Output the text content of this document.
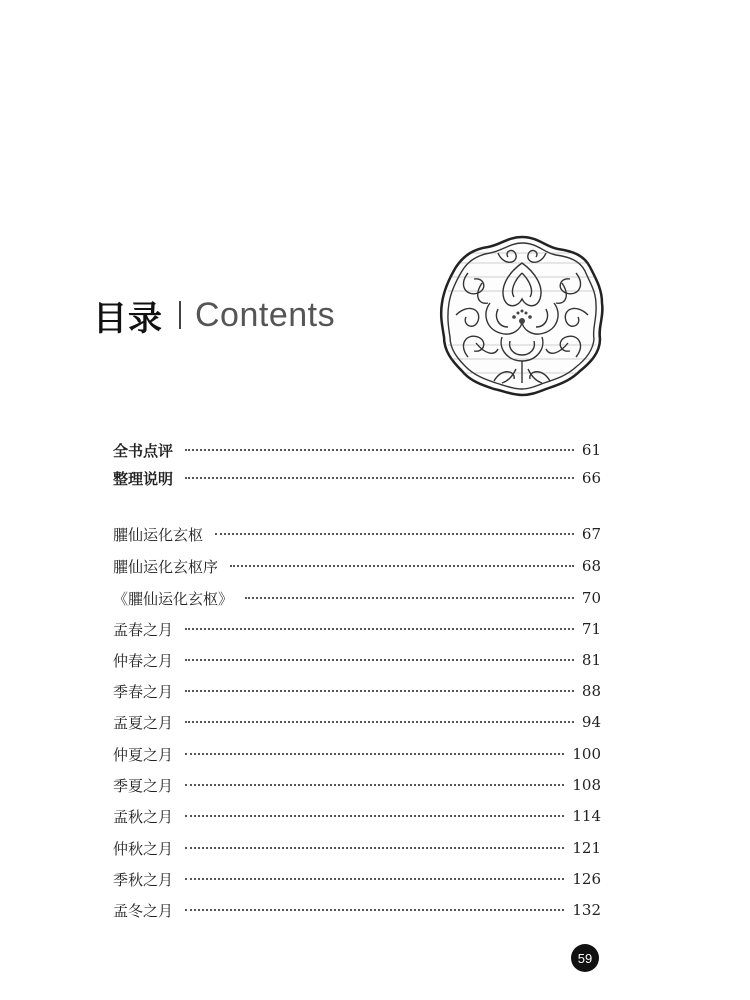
目录 Contents
全书点评	61
整理说明	66
臞仙运化玄枢	67
臞仙运化玄枢序	68
《臞仙运化玄枢》	70
孟春之月	71
仲春之月	81
季春之月	88
孟夏之月	94
仲夏之月	100
季夏之月	108
孟秋之月	114
仲秋之月	121
季秋之月	126
孟冬之月	132
59
